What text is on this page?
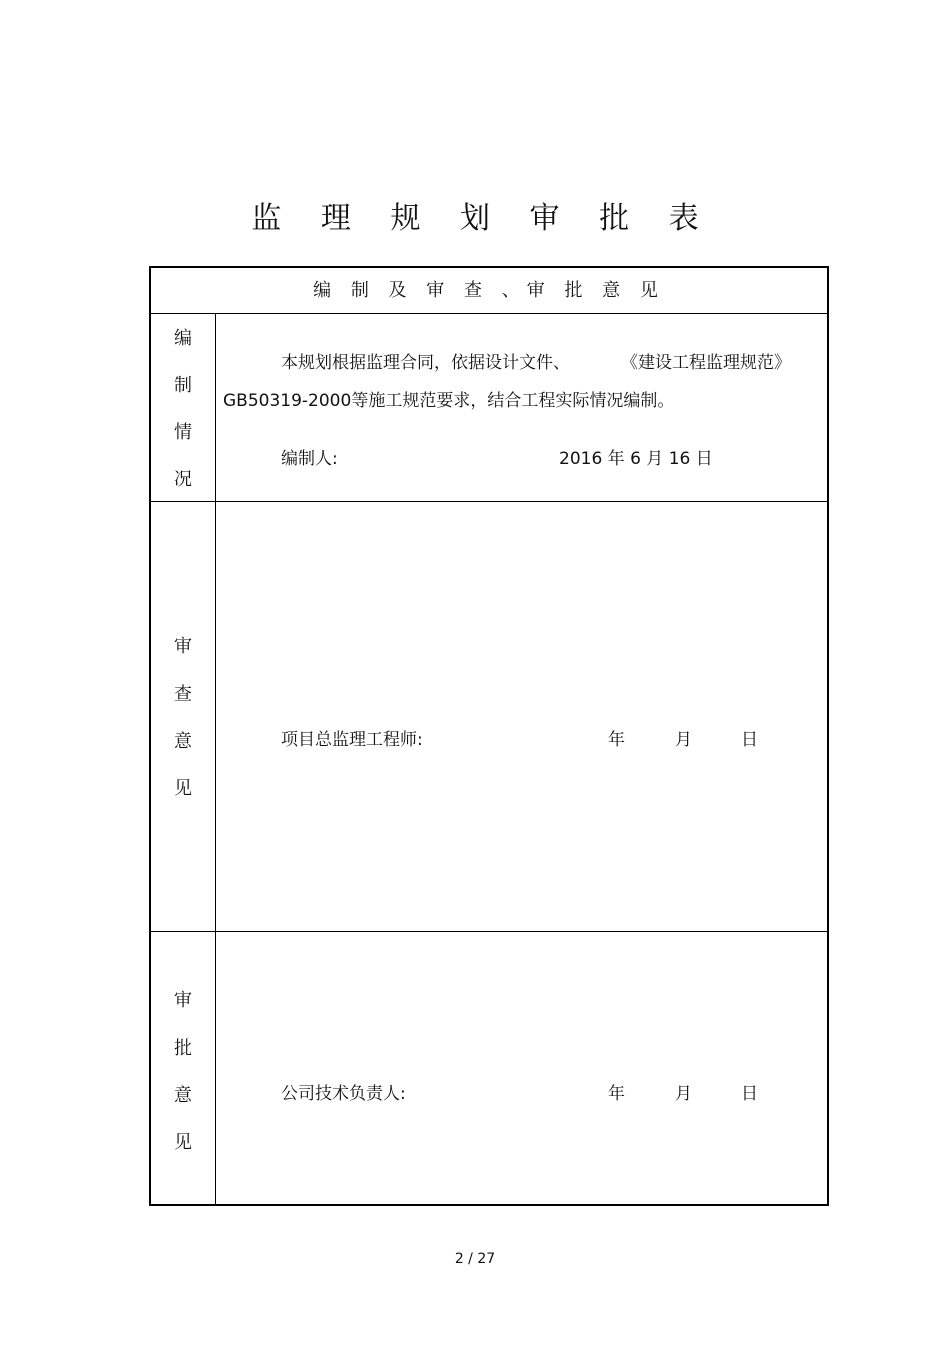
监 理 规 划 审 批 表
编 制 及 审 查 、审 批 意 见
编
制
情
况
本规划根据监理合同，依据设计文件、	《建设工程监理规范》
GB50319-2000等施工规范要求，结合工程实际情况编制。
编制人:	2016 年 6 月 16 日
审
查
意
见
项目总监理工程师:	年	月	日
审
批
意
见
公司技术负责人:	年	月	日
2 / 27
